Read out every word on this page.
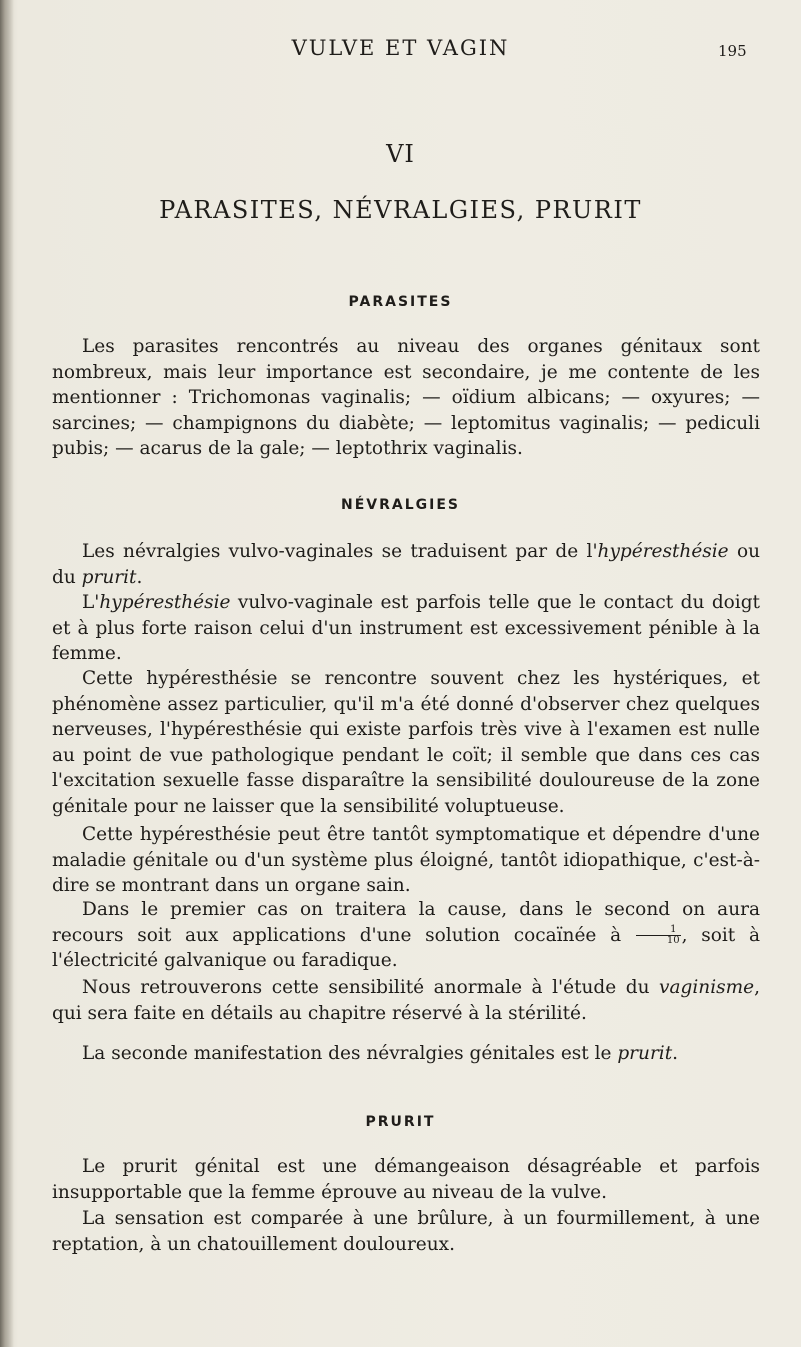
VULVE ET VAGIN	195
VI
PARASITES, NÉVRALGIES, PRURIT
PARASITES

Les parasites rencontrés au niveau des organes génitaux sont nombreux, mais leur importance est secondaire, je me contente de les mentionner : Trichomonas vaginalis; — oïdium albicans; — oxyures; — sarcines; — champignons du diabète; — leptomitus vaginalis; — pediculi pubis; — acarus de la gale; — leptothrix vaginalis.

NÉVRALGIES

Les névralgies vulvo-vaginales se traduisent par de l'hypéresthésie ou du prurit.

L'hypéresthésie vulvo-vaginale est parfois telle que le contact du doigt et à plus forte raison celui d'un instrument est excessivement pénible à la femme.

Cette hypéresthésie se rencontre souvent chez les hystériques, et phénomène assez particulier, qu'il m'a été donné d'observer chez quelques nerveuses, l'hypéresthésie qui existe parfois très vive à l'examen est nulle au point de vue pathologique pendant le coït; il semble que dans ces cas l'excitation sexuelle fasse disparaître la sensibilité douloureuse de la zone génitale pour ne laisser que la sensibilité voluptueuse.

Cette hypéresthésie peut être tantôt symptomatique et dépendre d'une maladie génitale ou d'un système plus éloigné, tantôt idiopathique, c'est-à-dire se montrant dans un organe sain.

Dans le premier cas on traitera la cause, dans le second on aura recours soit aux applications d'une solution cocaïnée à $\frac{1}{10}$ , soit à l'électricité galvanique ou faradique.

Nous retrouverons cette sensibilité anormale à l'étude du vaginisme, qui sera faite en détails au chapitre réservé à la stérilité.

La seconde manifestation des névralgies génitales est le prurit.

PRURIT

Le prurit génital est une démangeaison désagréable et parfois insupportable que la femme éprouve au niveau de la vulve.

La sensation est comparée à une brûlure, à un fourmillement, à une reptation, à un chatouillement douloureux.
